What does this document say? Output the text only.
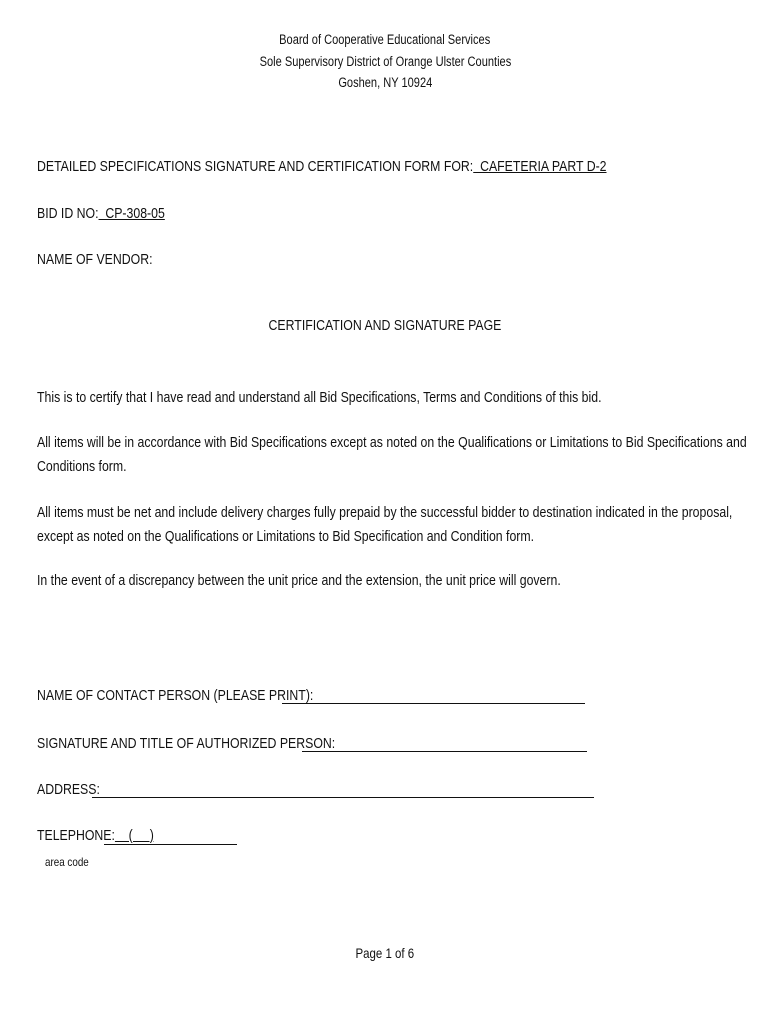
Board of Cooperative Educational Services
Sole Supervisory District of Orange Ulster Counties
Goshen, NY 10924
DETAILED SPECIFICATIONS SIGNATURE AND CERTIFICATION FORM FOR:  CAFETERIA PART D-2
BID ID NO:  CP-308-05
NAME OF VENDOR:
CERTIFICATION AND SIGNATURE PAGE
This is to certify that I have read and understand all Bid Specifications, Terms and Conditions of this bid.
All items will be in accordance with Bid Specifications except as noted on the Qualifications or Limitations to Bid Specifications and
Conditions form.
All items must be net and include delivery charges fully prepaid by the successful bidder to destination indicated in the proposal,
except as noted on the Qualifications or Limitations to Bid Specification and Condition form.
In the event of a discrepancy between the unit price and the extension, the unit price will govern.
NAME OF CONTACT PERSON (PLEASE PRINT):
SIGNATURE AND TITLE OF AUTHORIZED PERSON:
ADDRESS:
TELEPHONE:    (     )
area code
Page 1 of 6
